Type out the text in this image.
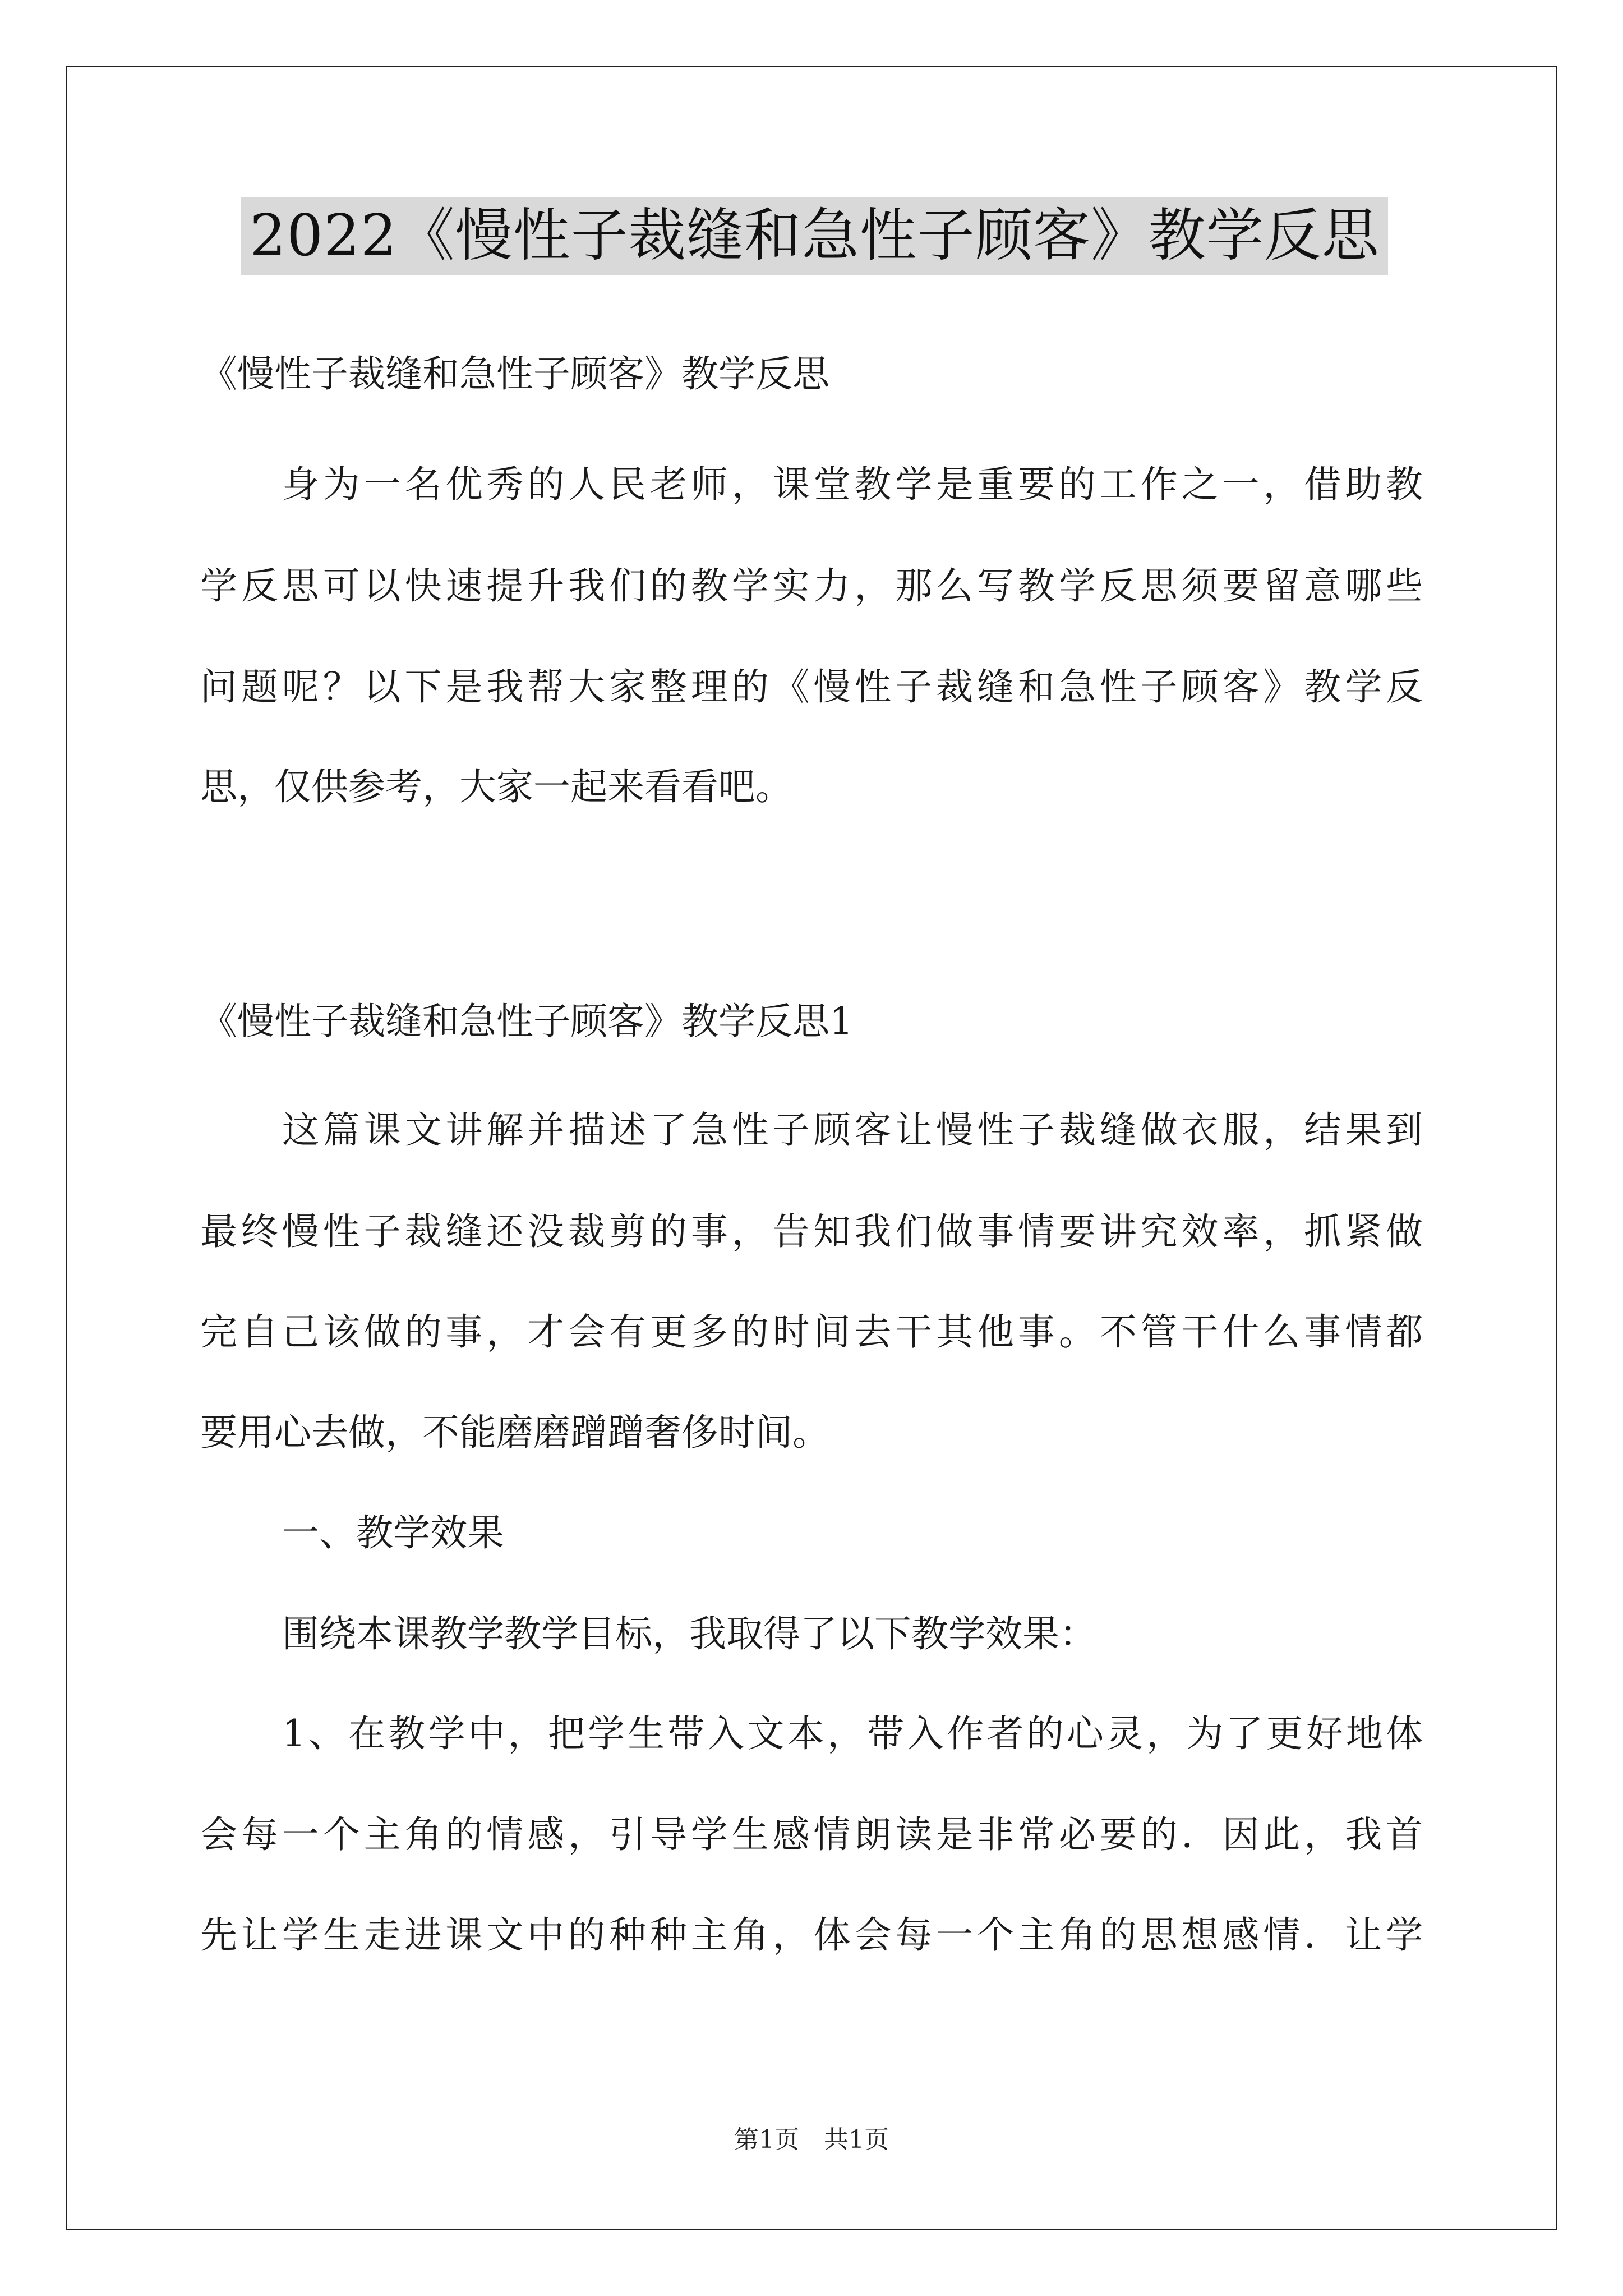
2022《慢性子裁缝和急性子顾客》教学反思
《慢性子裁缝和急性子顾客》教学反思
身为一名优秀的人民老师，课堂教学是重要的工作之一，借助教
学反思可以快速提升我们的教学实力，那么写教学反思须要留意哪些
问题呢？以下是我帮大家整理的《慢性子裁缝和急性子顾客》教学反
思，仅供参考，大家一起来看看吧。
《慢性子裁缝和急性子顾客》教学反思1
这篇课文讲解并描述了急性子顾客让慢性子裁缝做衣服，结果到
最终慢性子裁缝还没裁剪的事，告知我们做事情要讲究效率，抓紧做
完自己该做的事，才会有更多的时间去干其他事。不管干什么事情都
要用心去做，不能磨磨蹭蹭奢侈时间。
一、教学效果
围绕本课教学教学目标，我取得了以下教学效果：
1、在教学中，把学生带入文本，带入作者的心灵，为了更好地体
会每一个主角的情感，引导学生感情朗读是非常必要的．因此，我首
先让学生走进课文中的种种主角，体会每一个主角的思想感情．让学
第1页　共1页
